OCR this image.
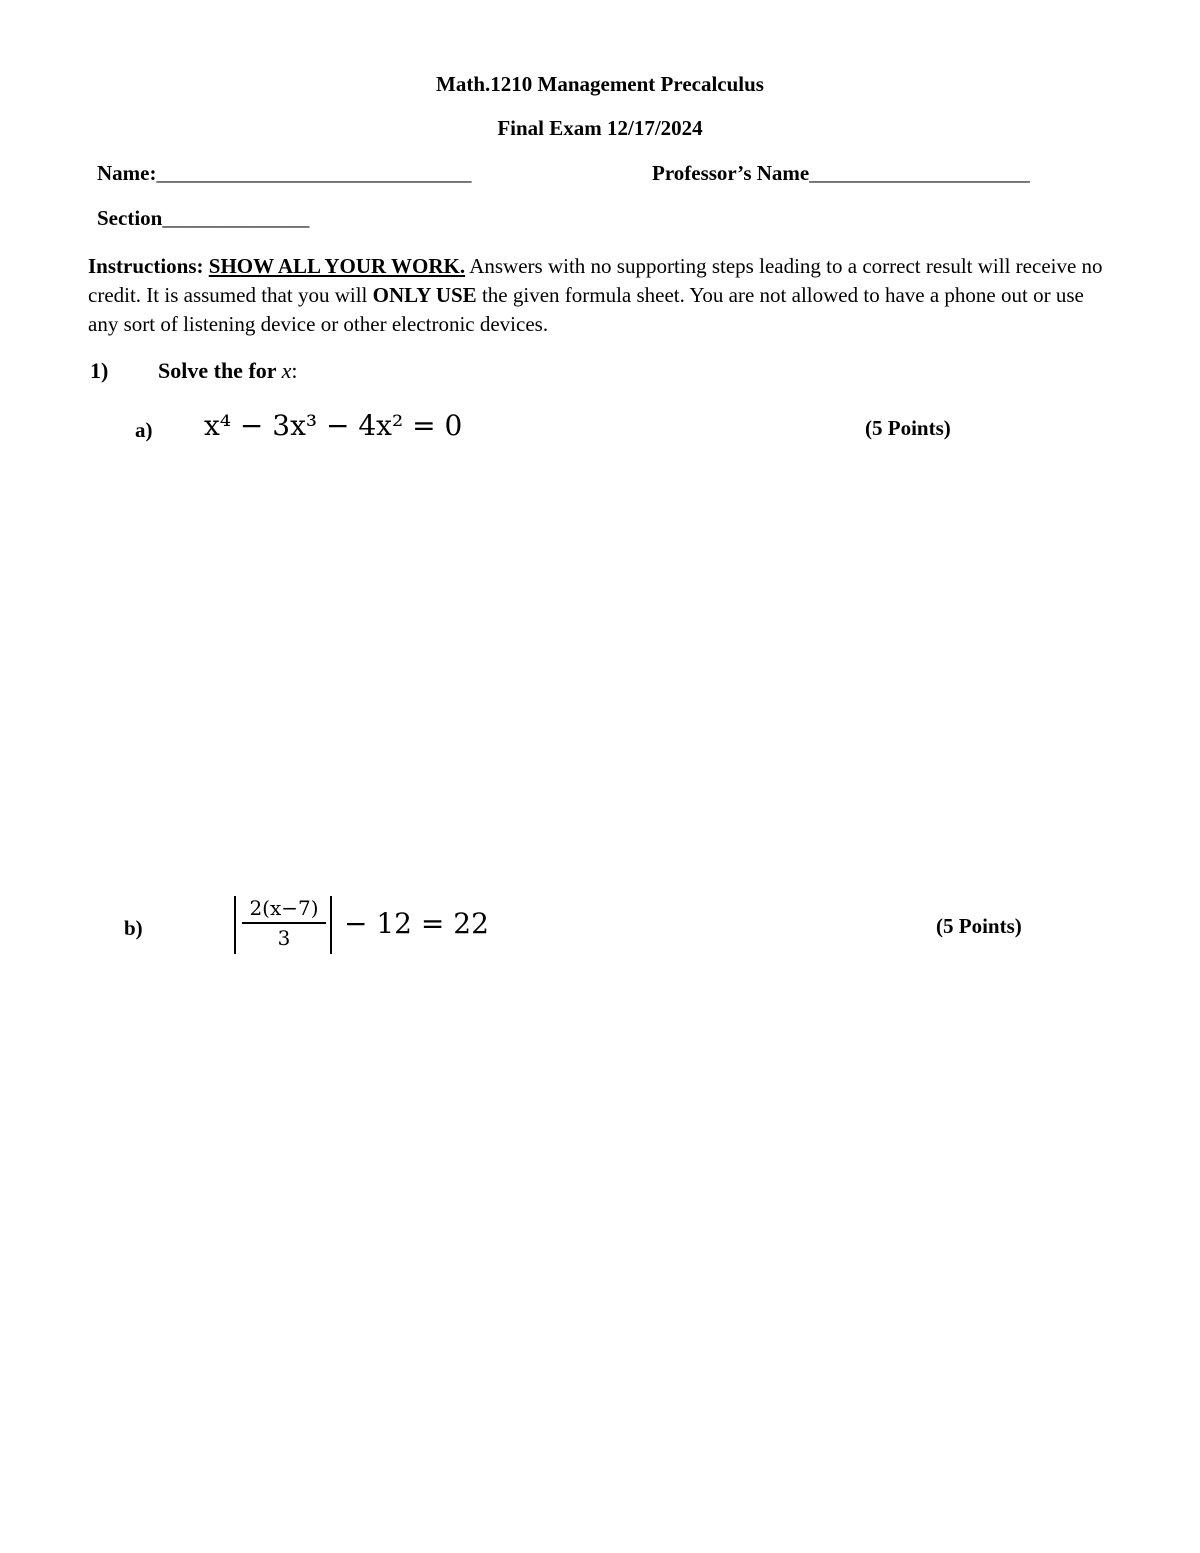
Math.1210 Management Precalculus
Final Exam 12/17/2024
Name:______________________________	Professor’s Name_____________________
Section______________
Instructions: SHOW ALL YOUR WORK. Answers with no supporting steps leading to a correct result will receive no credit. It is assumed that you will ONLY USE the given formula sheet. You are not allowed to have a phone out or use any sort of listening device or other electronic devices.
1) Solve the for x:
a) x⁴ − 3x³ − 4x² = 0	(5 Points)
b)
2(x−7)
3	− 12 = 22	(5 Points)
